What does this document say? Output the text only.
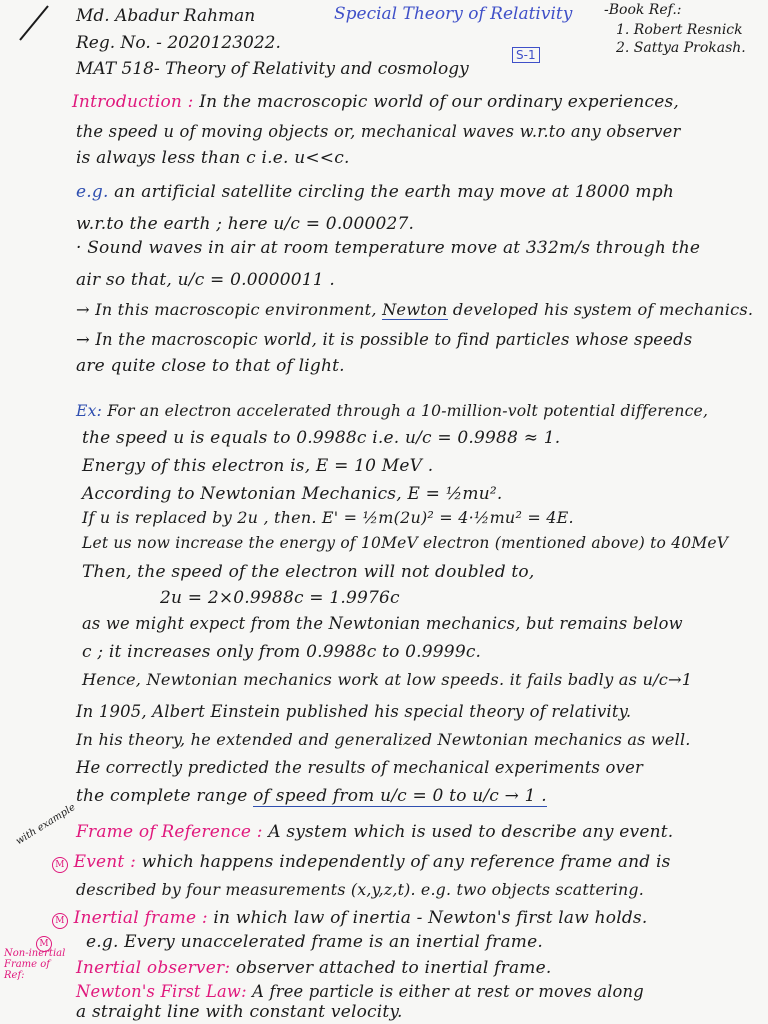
Md. Abadur Rahman
Reg. No. - 2020123022.
MAT 518- Theory of Relativity and cosmology
Special Theory of Relativity
S-1
-Book Ref.:
1. Robert Resnick
2. Sattya Prokash.
Introduction : In the macroscopic world of our ordinary experiences,
the speed u of moving objects or, mechanical waves w.r.to any observer
is always less than c i.e. u<<c.
e.g. an artificial satellite circling the earth may move at 18000 mph
w.r.to the earth ; here u/c = 0.000027.
· Sound waves in air at room temperature move at 332m/s through the
air so that, u/c = 0.0000011 .
→ In this macroscopic environment, Newton developed his system of mechanics.
→ In the macroscopic world, it is possible to find particles whose speeds
are quite close to that of light.
Ex: For an electron accelerated through a 10-million-volt potential difference,
the speed u is equals to 0.9988c i.e. u/c = 0.9988 ≈ 1.
Energy of this electron is, E = 10 MeV .
According to Newtonian Mechanics, E = ½mu².
If u is replaced by 2u , then. E' = ½m(2u)² = 4·½mu² = 4E.
Let us now increase the energy of 10MeV electron (mentioned above) to 40MeV
Then, the speed of the electron will not doubled to,
2u = 2×0.9988c = 1.9976c
as we might expect from the Newtonian mechanics, but remains below
c ; it increases only from 0.9988c to 0.9999c.
Hence, Newtonian mechanics work at low speeds. it fails badly as u/c→1
In 1905, Albert Einstein published his special theory of relativity.
In his theory, he extended and generalized Newtonian mechanics as well.
He correctly predicted the results of mechanical experiments over
the complete range of speed from u/c = 0 to u/c → 1 .
with example
Non-inertial Frame of Ref:
Frame of Reference : A system which is used to describe any event.
M Event : which happens independently of any reference frame and is
described by four measurements (x,y,z,t). e.g. two objects scattering.
M Inertial frame : in which law of inertia - Newton's first law holds.
e.g. Every unaccelerated frame is an inertial frame.
M
Inertial observer: observer attached to inertial frame.
Newton's First Law: A free particle is either at rest or moves along
a straight line with constant velocity.
